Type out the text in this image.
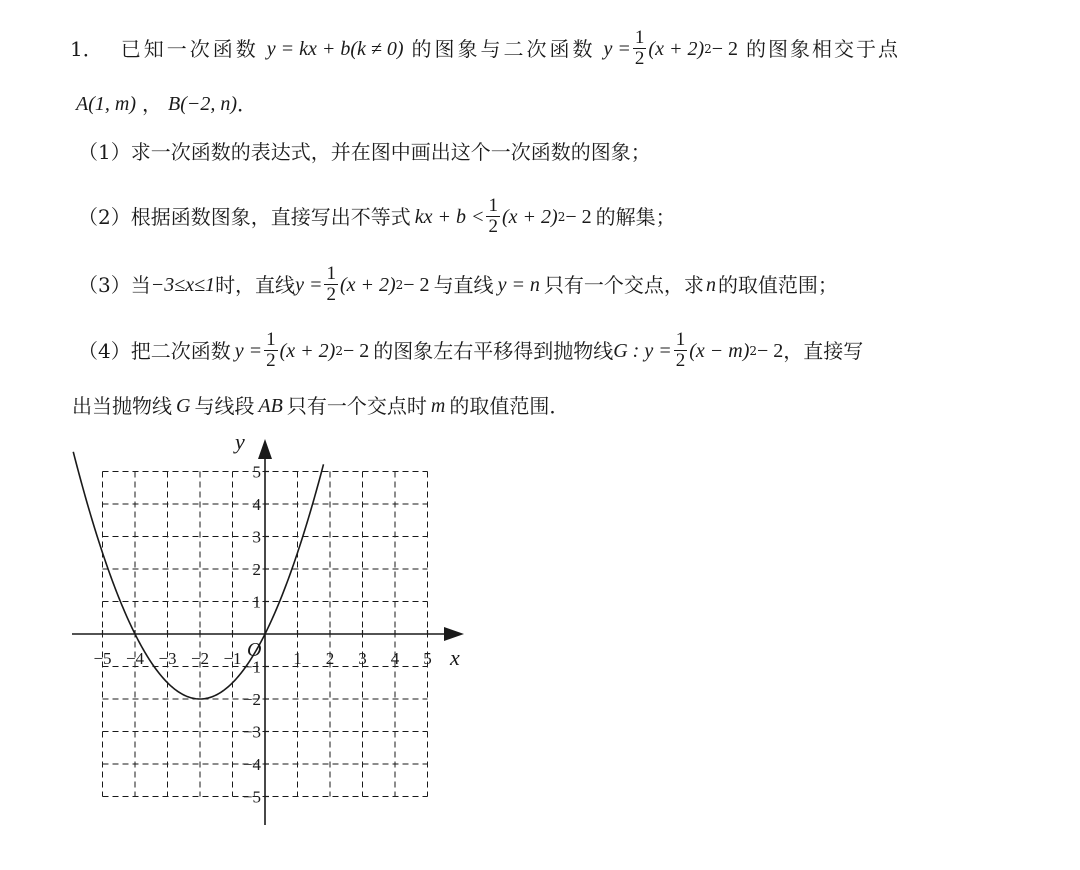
1． 已知一次函数 y = kx + b(k ≠ 0) 的图象与二次函数 $y = \frac{1}{2} (x + 2) 2 - 2$ 的图象相交于点
A(1, m) ， B(−2, n) ．
（1） 求一次函数的表达式，并在图中画出这个一次函数的图象；
（2） 根据函数图象，直接写出不等式 kx + $b < \frac{1}{2} (x + 2) 2 - 2$ 的解集；
（3） 当 −3≤x≤1 时，直线 $y = \frac{1}{2} (x + 2) 2 - 2$ 与直线 y = n 只有一个交点，求 n 的取值范围；
（4） 把二次函数 $y = \frac{1}{2} (x + 2) 2 - 2$ 的图象左右平移得到抛物线 G : $y = \frac{1}{2} (x - m) 2 - 2$ ，直接写
出当抛物线 G 与线段 AB 只有一个交点时 m 的取值范围．
−5 −4 −3 −2 −1	1 2 3 4 5
1
2
3
4
5
−1
−2
−3
−4
−5
x
y
O
